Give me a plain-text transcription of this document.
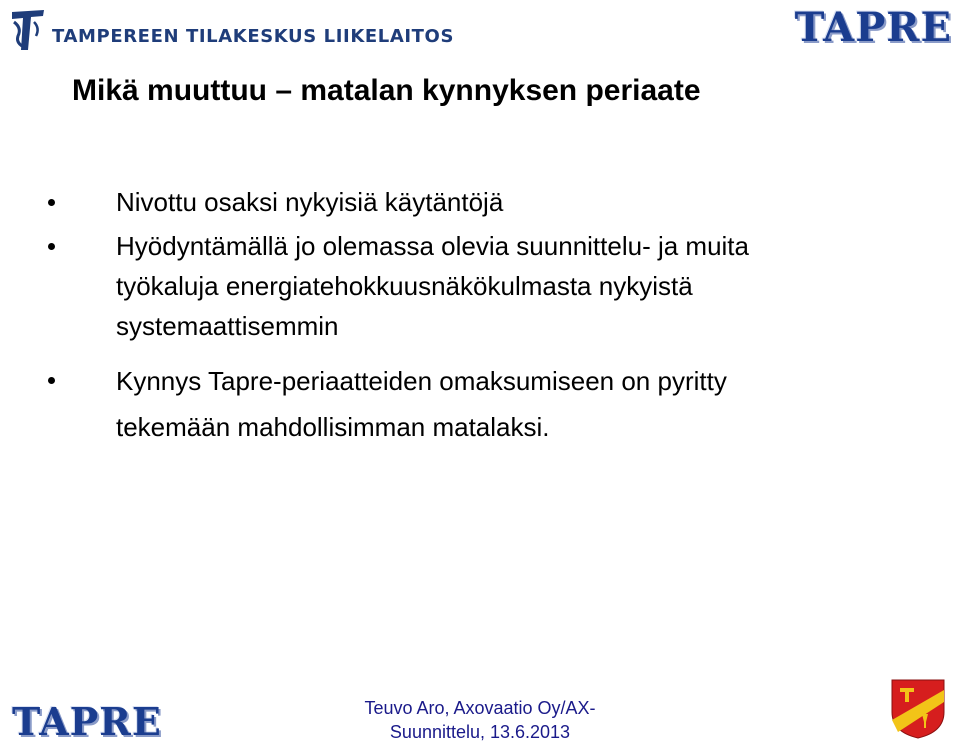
TAMPEREEN TILAKESKUS LIIKELAITOS	TAPRE
Mikä muuttuu – matalan kynnyksen periaate
Nivottu osaksi nykyisiä käytäntöjä
Hyödyntämällä jo olemassa olevia suunnittelu- ja muita
työkaluja energiatehokkuusnäkökulmasta nykyistä
systemaattisemmin
Kynnys Tapre-periaatteiden omaksumiseen on pyritty
tekemään mahdollisimman matalaksi.
TAPRE	Teuvo Aro, Axovaatio Oy/AX-
Suunnittelu, 13.6.2013
